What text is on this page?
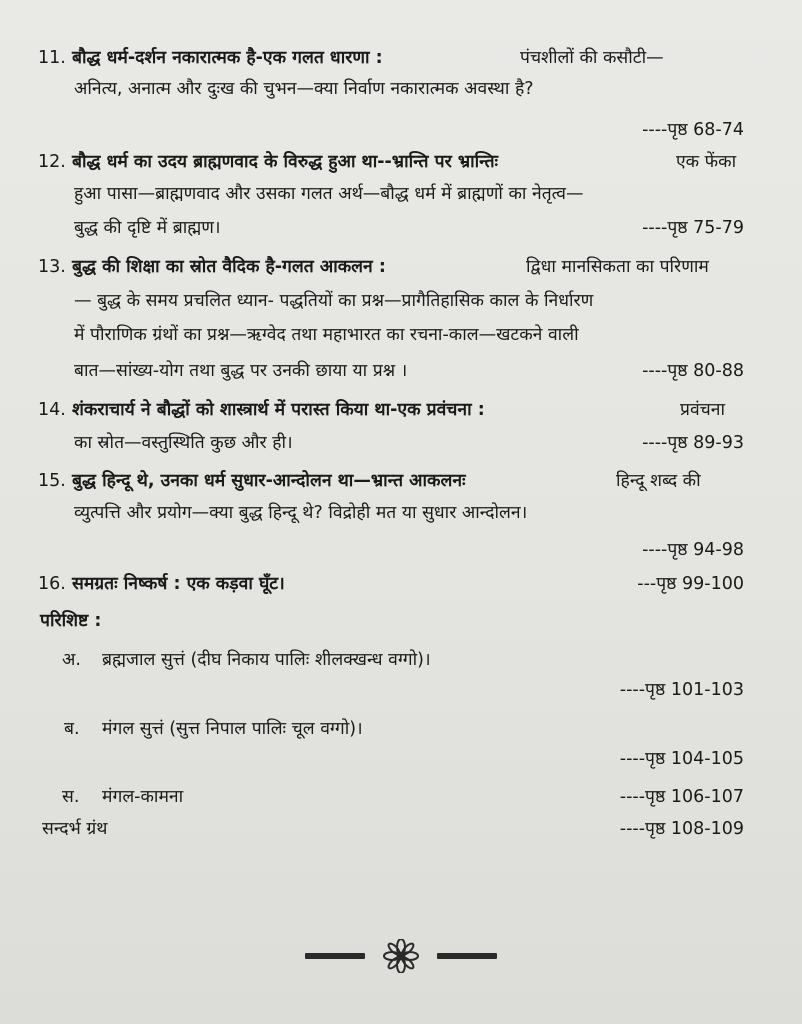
11. बौद्ध धर्म-दर्शन नकारात्मक है-एक गलत धारणा :	पंचशीलों की कसौटी—
अनित्य, अनात्म और दुःख की चुभन—क्या निर्वाण नकारात्मक अवस्था है?
----पृष्ठ 68-74
12. बौद्ध धर्म का उदय ब्राह्मणवाद के विरुद्ध हुआ था--भ्रान्ति पर भ्रान्तिः	एक फेंका
हुआ पासा—ब्राह्मणवाद और उसका गलत अर्थ—बौद्ध धर्म में ब्राह्मणों का नेतृत्व—
बुद्ध की दृष्टि में ब्राह्मण।	----पृष्ठ 75-79
13. बुद्ध की शिक्षा का स्रोत वैदिक है-गलत आकलन :	द्विधा मानसिकता का परिणाम
— बुद्ध के समय प्रचलित ध्यान- पद्धतियों का प्रश्न—प्रागैतिहासिक काल के निर्धारण
में पौराणिक ग्रंथों का प्रश्न—ऋग्वेद तथा महाभारत का रचना-काल—खटकने वाली
बात—सांख्य-योग तथा बुद्ध पर उनकी छाया या प्रश्न ।	----पृष्ठ 80-88
14. शंकराचार्य ने बौद्धों को शास्त्रार्थ में परास्त किया था-एक प्रवंचना :	प्रवंचना
का स्रोत—वस्तुस्थिति कुछ और ही।	----पृष्ठ 89-93
15. बुद्ध हिन्दू थे, उनका धर्म सुधार-आन्दोलन था—भ्रान्त आकलनः	हिन्दू शब्द की
व्युत्पत्ति और प्रयोग—क्या बुद्ध हिन्दू थे? विद्रोही मत या सुधार आन्दोलन।
----पृष्ठ 94-98
16. समग्रतः निष्कर्ष : एक कड़वा घूँट।	---पृष्ठ 99-100
परिशिष्ट :
अ. ब्रह्मजाल सुत्तं (दीघ निकाय पालिः शीलक्खन्ध वग्गो)।
----पृष्ठ 101-103
ब. मंगल सुत्तं (सुत्त निपाल पालिः चूल वग्गो)।
----पृष्ठ 104-105
स. मंगल-कामना	----पृष्ठ 106-107
सन्दर्भ ग्रंथ	----पृष्ठ 108-109
